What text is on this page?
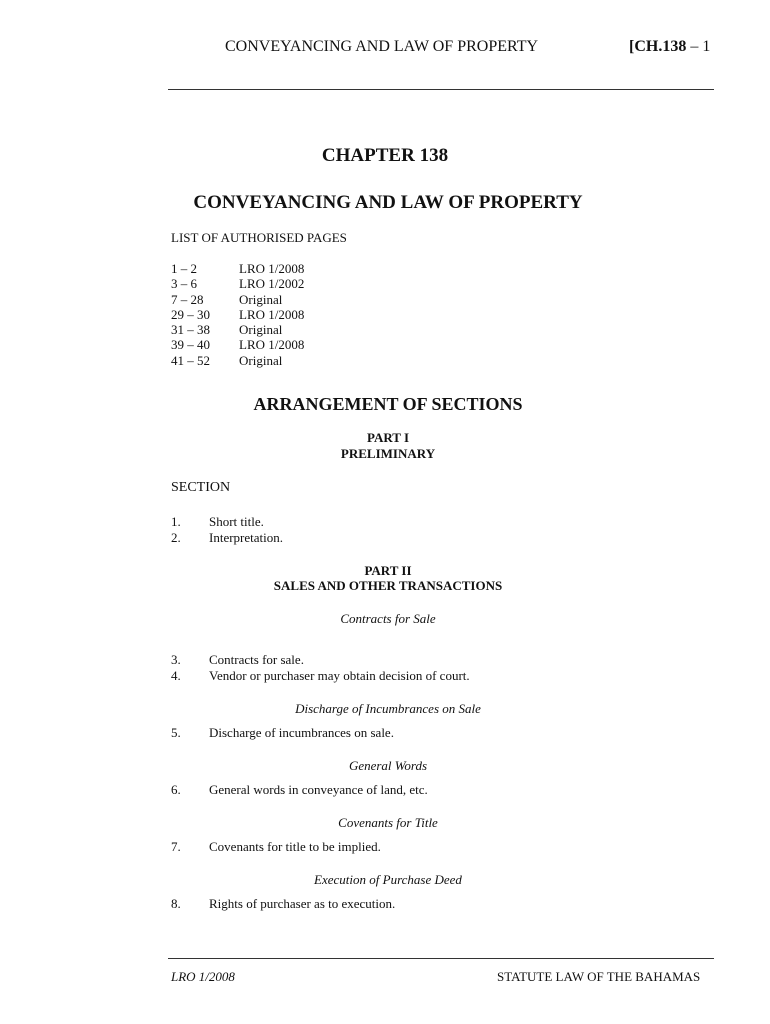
CONVEYANCING AND LAW OF PROPERTY	[CH.138 – 1
CHAPTER 138
CONVEYANCING AND LAW OF PROPERTY
LIST OF AUTHORISED PAGES
1 – 2	LRO 1/2008
3 – 6	LRO 1/2002
7 – 28	Original
29 – 30	LRO 1/2008
31 – 38	Original
39 – 40	LRO 1/2008
41 – 52	Original
ARRANGEMENT OF SECTIONS
PART I
PRELIMINARY
SECTION
1.	Short title.
2.	Interpretation.
PART II
SALES AND OTHER TRANSACTIONS
Contracts for Sale
3.	Contracts for sale.
4.	Vendor or purchaser may obtain decision of court.
Discharge of Incumbrances on Sale
5.	Discharge of incumbrances on sale.
General Words
6.	General words in conveyance of land, etc.
Covenants for Title
7.	Covenants for title to be implied.
Execution of Purchase Deed
8.	Rights of purchaser as to execution.
LRO 1/2008	STATUTE LAW OF THE BAHAMAS
